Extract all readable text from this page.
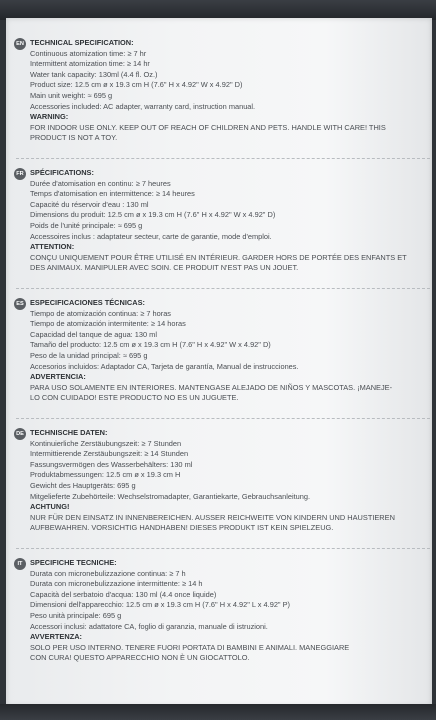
EN TECHNICAL SPECIFICATION:
Continuous atomization time: ≥ 7 hr
Intermittent atomization time: ≥ 14 hr
Water tank capacity: 130ml (4.4 fl. Oz.)
Product size: 12.5 cm ø x 19.3 cm H (7.6" H x 4.92" W x 4.92" D)
Main unit weight: ≈ 695 g
Accessories included: AC adapter, warranty card, instruction manual.
WARNING:
FOR INDOOR USE ONLY. KEEP OUT OF REACH OF CHILDREN AND PETS. HANDLE WITH CARE! THIS
PRODUCT IS NOT A TOY.
FR SPÉCIFICATIONS:
Durée d'atomisation en continu: ≥ 7 heures
Temps d'atomisation en intermittence: ≥ 14 heures
Capacité du réservoir d'eau : 130 ml
Dimensions du produit: 12.5 cm ø x 19.3 cm H (7.6" H x 4.92" W x 4.92" D)
Poids de l'unité principale: ≈ 695 g
Accessoires inclus : adaptateur secteur, carte de garantie, mode d'emploi.
ATTENTION:
CONÇU UNIQUEMENT POUR ÊTRE UTILISÉ EN INTÉRIEUR. GARDER HORS DE PORTÉE DES ENFANTS ET
DES ANIMAUX. MANIPULER AVEC SOIN. CE PRODUIT N'EST PAS UN JOUET.
ES ESPECIFICACIONES TÉCNICAS:
Tiempo de atomización continua: ≥ 7 horas
Tiempo de atomización intermitente: ≥ 14 horas
Capacidad del tanque de agua: 130 ml
Tamaño del producto: 12.5 cm ø x 19.3 cm H (7.6" H x 4.92" W x 4.92" D)
Peso de la unidad principal: ≈ 695 g
Accesorios incluidos: Adaptador CA, Tarjeta de garantía, Manual de instrucciones.
ADVERTENCIA:
PARA USO SOLAMENTE EN INTERIORES. MANTENGASE ALEJADO DE NIÑOS Y MASCOTAS. ¡MANEJE-
LO CON CUIDADO! ESTE PRODUCTO NO ES UN JUGUETE.
DE TECHNISCHE DATEN:
Kontinuierliche Zerstäubungszeit: ≥ 7 Stunden
Intermittierende Zerstäubungszeit: ≥ 14 Stunden
Fassungsvermögen des Wasserbehälters: 130 ml
Produktabmessungen: 12.5 cm ø x 19.3 cm H
Gewicht des Hauptgeräts: 695 g
Mitgelieferte Zubehörteile: Wechselstromadapter, Garantiekarte, Gebrauchsanleitung.
ACHTUNG!
NUR FÜR DEN EINSATZ IN INNENBEREICHEN. AUSSER REICHWEITE VON KINDERN UND HAUSTIEREN
AUFBEWAHREN. VORSICHTIG HANDHABEN! DIESES PRODUKT IST KEIN SPIELZEUG.
IT	SPECIFICHE TECNICHE:
Durata con micronebulizzazione continua: ≥ 7 h
Durata con micronebulizzazione intermittente: ≥ 14 h
Capacità del serbatoio d'acqua: 130 ml (4.4 once liquide)
Dimensioni dell'apparecchio: 12.5 cm ø x 19.3 cm H (7.6" H x 4.92" L x 4.92" P)
Peso unità principale: 695 g
Accessori inclusi: adattatore CA, foglio di garanzia, manuale di istruzioni.
AVVERTENZA:
SOLO PER USO INTERNO. TENERE FUORI PORTATA DI BAMBINI E ANIMALI. MANEGGIARE
CON CURA! QUESTO APPARECCHIO NON È UN GIOCATTOLO.
